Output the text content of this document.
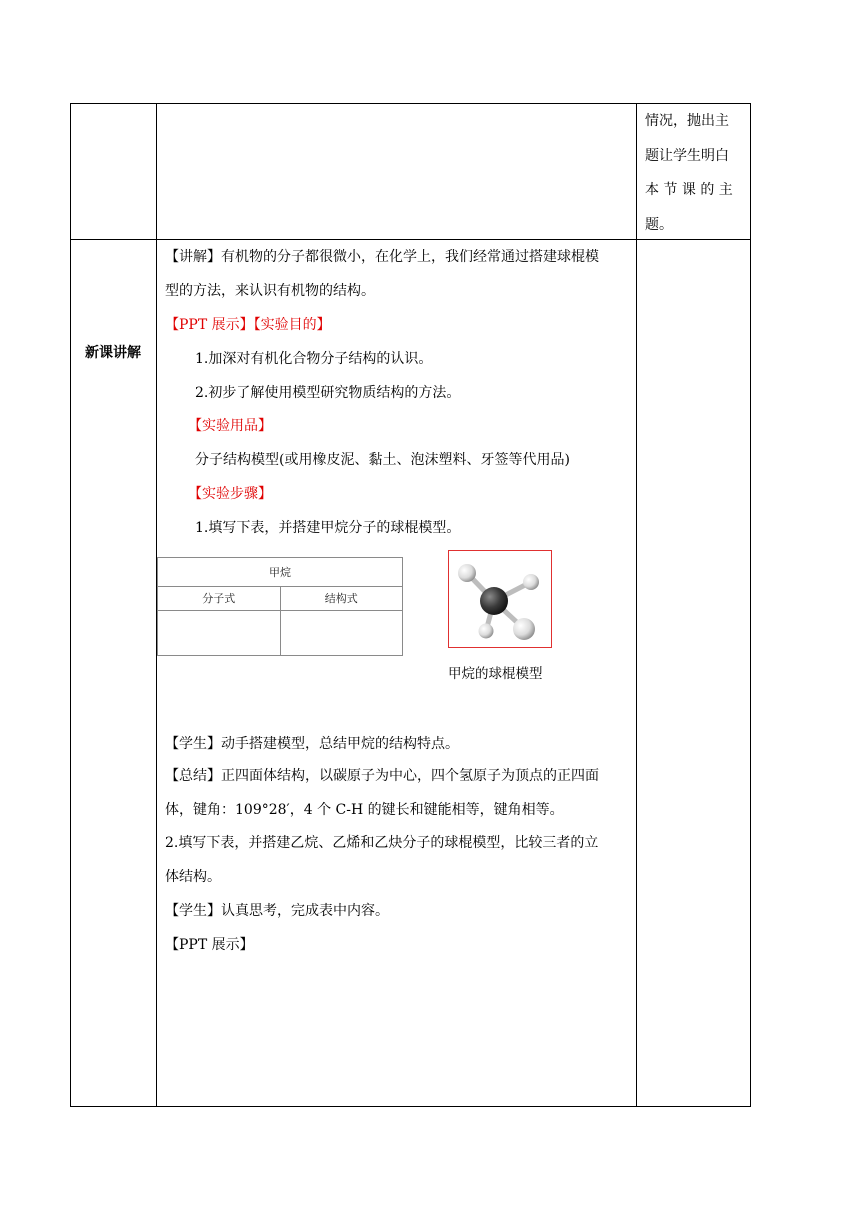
情况，抛出主
题让学生明白
本 节 课 的 主
题。
新课讲解
【讲解】有机物的分子都很微小，在化学上，我们经常通过搭建球棍模
型的方法，来认识有机物的结构。
【PPT 展示】【实验目的】
1.加深对有机化合物分子结构的认识。
2.初步了解使用模型研究物质结构的方法。
【实验用品】
分子结构模型(或用橡皮泥、黏土、泡沫塑料、牙签等代用品)
【实验步骤】
1.填写下表，并搭建甲烷分子的球棍模型。
甲烷
分子式	结构式
甲烷的球棍模型
【学生】动手搭建模型，总结甲烷的结构特点。
【总结】正四面体结构，以碳原子为中心，四个氢原子为顶点的正四面
体，键角：109°28′，4 个 C-H 的键长和键能相等，键角相等。
2.填写下表，并搭建乙烷、乙烯和乙炔分子的球棍模型，比较三者的立
体结构。
【学生】认真思考，完成表中内容。
【PPT 展示】
